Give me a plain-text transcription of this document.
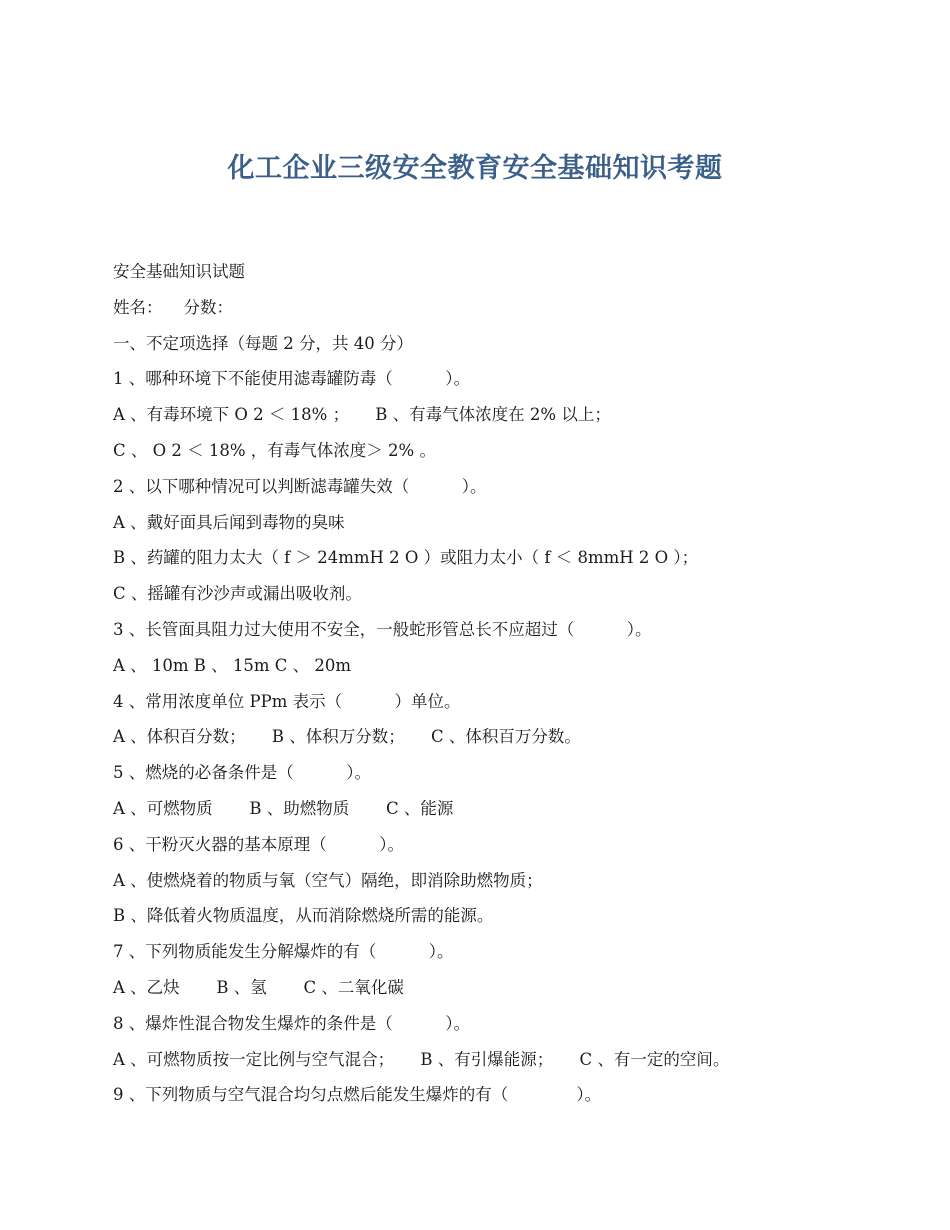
化工企业三级安全教育安全基础知识考题
安全基础知识试题
姓名：    分数：
一、不定项选择（每题 2 分，共 40 分）
1 、哪种环境下不能使用滤毒罐防毒（          ）。
A 、有毒环境下 O 2 ＜ 18% ；     B 、有毒气体浓度在 2% 以上；
C 、 O 2 ＜ 18% ，有毒气体浓度＞ 2% 。
2 、以下哪种情况可以判断滤毒罐失效（          ）。
A 、戴好面具后闻到毒物的臭味
B 、药罐的阻力太大（ f ＞ 24mmH 2 O ）或阻力太小（ f ＜ 8mmH 2 O ）；
C 、摇罐有沙沙声或漏出吸收剂。
3 、长管面具阻力过大使用不安全，一般蛇形管总长不应超过（          ）。
A 、 10m B 、 15m C 、 20m
4 、常用浓度单位 PPm 表示（          ）单位。
A 、体积百分数；     B 、体积万分数；     C 、体积百万分数。
5 、燃烧的必备条件是（          ）。
A 、可燃物质       B 、助燃物质       C 、能源
6 、干粉灭火器的基本原理（          ）。
A 、使燃烧着的物质与氧（空气）隔绝，即消除助燃物质；
B 、降低着火物质温度，从而消除燃烧所需的能源。
7 、下列物质能发生分解爆炸的有（          ）。
A 、乙炔       B 、氢       C 、二氧化碳
8 、爆炸性混合物发生爆炸的条件是（          ）。
A 、可燃物质按一定比例与空气混合；     B 、有引爆能源；     C 、有一定的空间。
9 、下列物质与空气混合均匀点燃后能发生爆炸的有（             ）。
